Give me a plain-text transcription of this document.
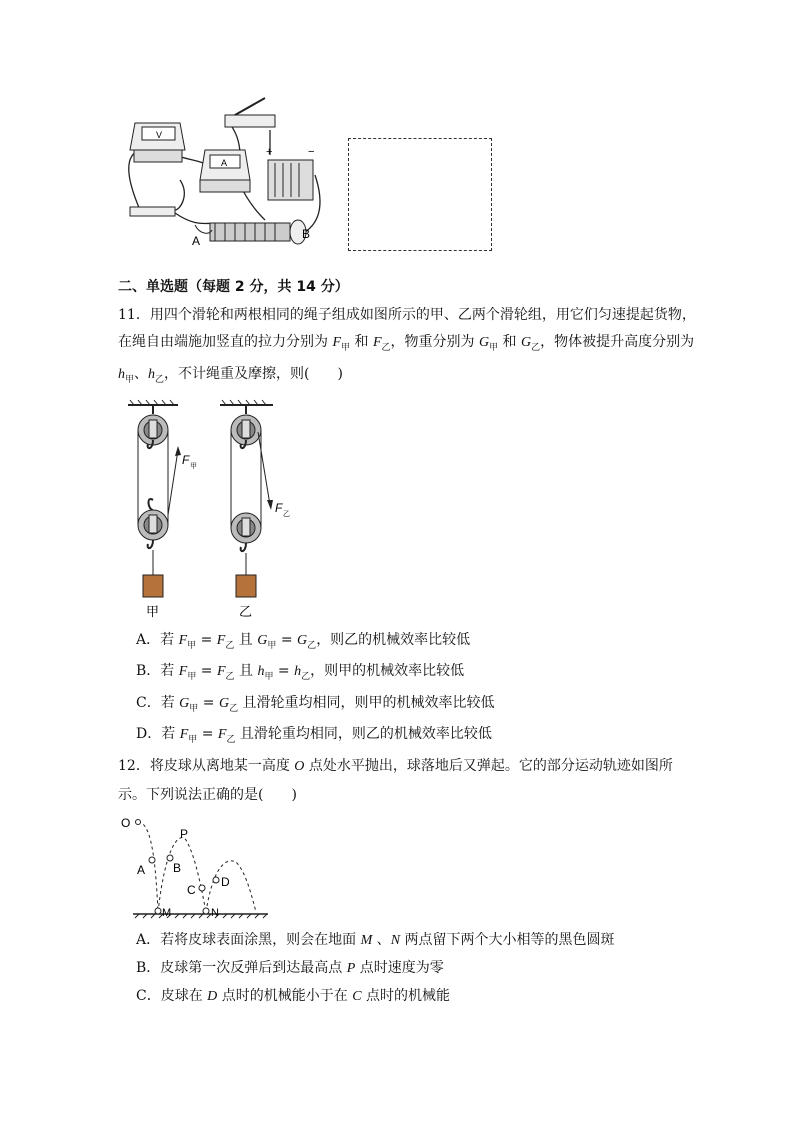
V
A
+	−
A	B
二、单选题（每题 2 分，共 14 分）
11．用四个滑轮和两根相同的绳子组成如图所示的甲、乙两个滑轮组，用它们匀速提起货物，
在绳自由端施加竖直的拉力分别为 $F_甲$ 和 $F_乙$，物重分别为 $G_甲$ 和 $G_乙$，物体被提升高度分别为
$h_甲$、$h_乙$，不计绳重及摩擦，则(　　)
F 甲
F 乙
甲	乙
A．若 $F_甲 = F_乙$ 且 $G_甲 = G_乙$，则乙的机械效率比较低
B．若 $F_甲 = F_乙$ 且 $h_甲 = h_乙$，则甲的机械效率比较低
C．若 $G_甲 = G_乙$ 且滑轮重均相同，则甲的机械效率比较低
D．若 $F_甲 = F_乙$ 且滑轮重均相同，则乙的机械效率比较低
12．将皮球从离地某一高度 O 点处水平抛出，球落地后又弹起。它的部分运动轨迹如图所
示。下列说法正确的是(　　)
O
P
A B
C
D
M	N
A．若将皮球表面涂黑，则会在地面 M 、N 两点留下两个大小相等的黑色圆斑
B．皮球第一次反弹后到达最高点 P 点时速度为零
C．皮球在 D 点时的机械能小于在 C 点时的机械能
